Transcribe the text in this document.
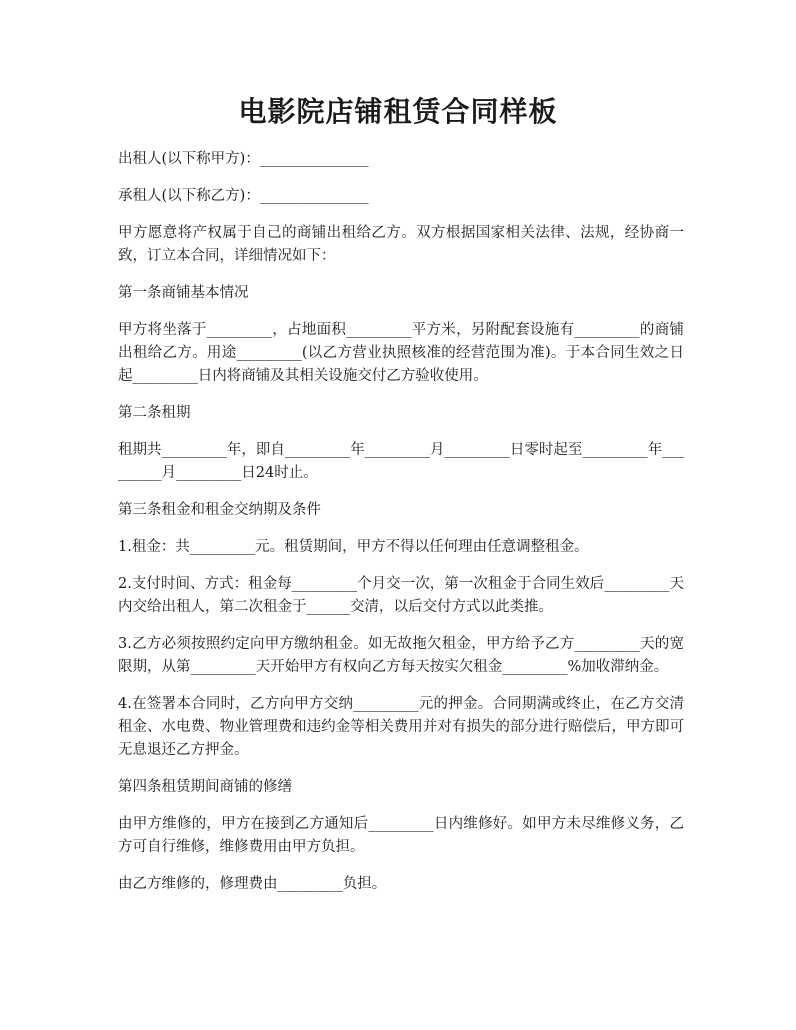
电影院店铺租赁合同样板

出租人(以下称甲方)：_______________

承租人(以下称乙方)：_______________

甲方愿意将产权属于自己的商铺出租给乙方。双方根据国家相关法律、法规，经协商一致，订立本合同，详细情况如下：

第一条商铺基本情况

甲方将坐落于_________，占地面积_________平方米，另附配套设施有_________的商铺出租给乙方。用途_________(以乙方营业执照核准的经营范围为准)。于本合同生效之日起_________日内将商铺及其相关设施交付乙方验收使用。

第二条租期

租期共_________年，即自_________年_________月_________日零时起至_________年_________月_________日24时止。

第三条租金和租金交纳期及条件

1.租金：共_________元。租赁期间，甲方不得以任何理由任意调整租金。

2.支付时间、方式：租金每_________个月交一次，第一次租金于合同生效后_________天内交给出租人，第二次租金于______交清，以后交付方式以此类推。

3.乙方必须按照约定向甲方缴纳租金。如无故拖欠租金，甲方给予乙方_________天的宽限期，从第_________天开始甲方有权向乙方每天按实欠租金_________%加收滞纳金。

4.在签署本合同时，乙方向甲方交纳_________元的押金。合同期满或终止，在乙方交清租金、水电费、物业管理费和违约金等相关费用并对有损失的部分进行赔偿后，甲方即可无息退还乙方押金。

第四条租赁期间商铺的修缮

由甲方维修的，甲方在接到乙方通知后_________日内维修好。如甲方未尽维修义务，乙方可自行维修，维修费用由甲方负担。

由乙方维修的，修理费由_________负担。
